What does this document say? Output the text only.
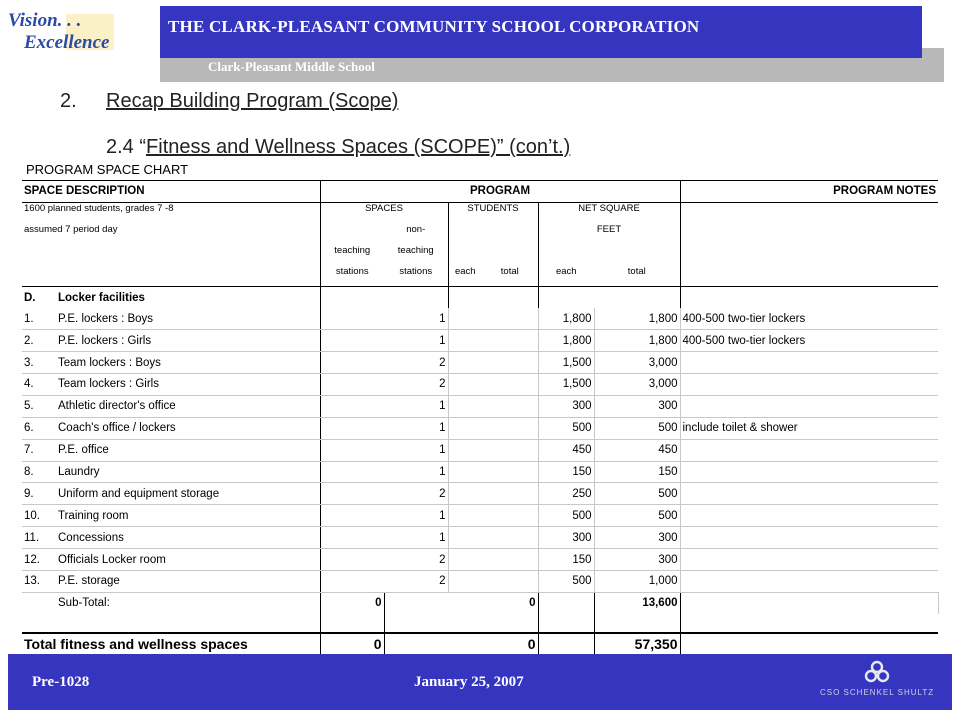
Vision. . .
Excellence
Clark-Pleasant Middle School
THE CLARK-PLEASANT COMMUNITY SCHOOL CORPORATION
2. Recap Building Program (Scope)
2.4 “Fitness and Wellness Spaces (SCOPE)” (con’t.)
PROGRAM SPACE CHART
SPACE DESCRIPTION		PROGRAM						PROGRAM NOTES
1600 planned students, grades 7 -8		SPACES		STUDENTS		NET SQUARE		
assumed 7 period day			non-			FEET		
		teaching	teaching					
		stations	stations	each	total	each	total	
D.	Locker facilities							
1.	P.E. lockers : Boys		1			1,800	1,800	400-500 two-tier lockers
2.	P.E. lockers : Girls		1			1,800	1,800	400-500 two-tier lockers
3.	Team lockers : Boys		2			1,500	3,000	
4.	Team lockers : Girls		2			1,500	3,000	
5.	Athletic director's office		1			300	300	
6.	Coach's office / lockers		1			500	500	include toilet & shower
7.	P.E. office		1			450	450	
8.	Laundry		1			150	150	
9.	Uniform and equipment storage		2			250	500	
10.	Training room		1			500	500	
11.	Concessions		1			300	300	
12.	Officials Locker room		2			150	300	
13.	P.E. storage		2			500	1,000	
	Sub-Total:	0			0		13,600	

Total fitness and wellness spaces		0			0		57,350	
Pre-1028	January 25, 2007
CSO SCHENKEL SHULTZ
